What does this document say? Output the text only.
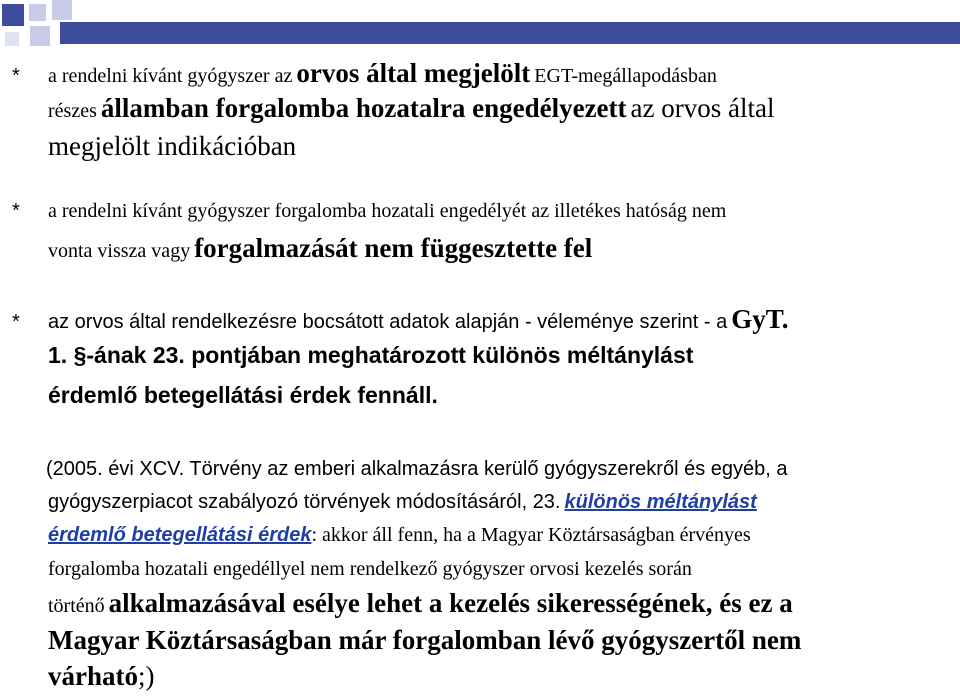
* a rendelni kívánt gyógyszer az orvos által megjelölt EGT-megállapodásban
részes államban forgalomba hozatalra engedélyezett az orvos által
megjelölt indikációban
* a rendelni kívánt gyógyszer forgalomba hozatali engedélyét az illetékes hatóság nem
vonta vissza vagy forgalmazását nem függesztette fel
* az orvos által rendelkezésre bocsátott adatok alapján - véleménye szerint - a GyT.
1. §-ának 23. pontjában meghatározott különös méltánylást
érdemlő betegellátási érdek fennáll.
(2005. évi XCV. Törvény az emberi alkalmazásra kerülő gyógyszerekről és egyéb, a
gyógyszerpiacot szabályozó törvények módosításáról, 23. különös méltánylást
érdemlő betegellátási érdek: akkor áll fenn, ha a Magyar Köztársaságban érvényes
forgalomba hozatali engedéllyel nem rendelkező gyógyszer orvosi kezelés során
történő alkalmazásával esélye lehet a kezelés sikerességének, és ez a
Magyar Köztársaságban már forgalomban lévő gyógyszertől nem
várható;)
